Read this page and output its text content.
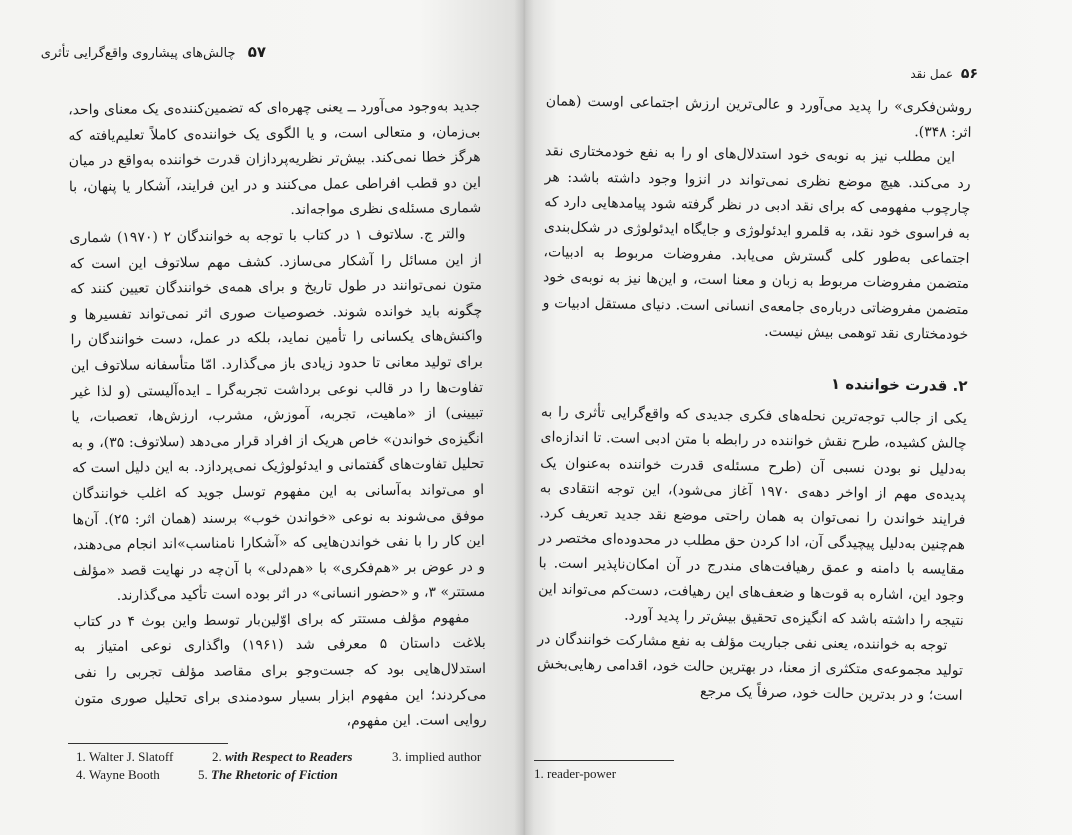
۵۷ چالش‌های پیشاروی واقع‌گرایی تأثری

جدید به‌وجود می‌آورد ــ یعنی چهره‌ای که تضمین‌کننده‌ی یک معنای واحد، بی‌زمان، و متعالی است، و یا الگوی یک خواننده‌ی کاملاً تعلیم‌یافته که هرگز خطا نمی‌کند. بیش‌تر نظریه‌پردازان قدرت خواننده به‌واقع در میان این دو قطب افراطی عمل می‌کنند و در این فرایند، آشکار یا پنهان، با شماری مسئله‌ی نظری مواجه‌اند.

والتر ج. سلاتوف ۱ در کتاب با توجه به خوانندگان ۲ (۱۹۷۰) شماری از این مسائل را آشکار می‌سازد. کشف مهم سلاتوف این است که متون نمی‌توانند در طول تاریخ و برای همه‌ی خوانندگان تعیین کنند که چگونه باید خوانده شوند. خصوصیات صوری اثر نمی‌تواند تفسیرها و واکنش‌های یکسانی را تأمین نماید، بلکه در عمل، دست خوانندگان را برای تولید معانی تا حدود زیادی باز می‌گذارد. امّا متأسفانه سلاتوف این تفاوت‌ها را در قالب نوعی برداشت تجربه‌گرا ـ ایده‌آلیستی (و لذا غیر تبیینی) از «ماهیت، تجربه، آموزش، مشرب، ارزش‌ها، تعصبات، یا انگیزه‌ی خواندن» خاص هریک از افراد قرار می‌دهد (سلاتوف: ۳۵)، و به تحلیل تفاوت‌های گفتمانی و ایدئولوژیک نمی‌پردازد. به این دلیل است که او می‌تواند به‌آسانی به این مفهوم توسل جوید که اغلب خوانندگان موفق می‌شوند به نوعی «خواندن خوب» برسند (همان اثر: ۲۵). آن‌ها این کار را با نفی خواندن‌هایی که «آشکارا نامناسب»اند انجام می‌دهند، و در عوض بر «هم‌فکری» با «هم‌دلی» با آن‌چه در نهایت قصد «مؤلف مستتر» ۳، و «حضور انسانی» در اثر بوده است تأکید می‌گذارند.

مفهوم مؤلف مستتر که برای اوّلین‌بار توسط واین بوث ۴ در کتاب بلاغت داستان ۵ معرفی شد (۱۹۶۱) واگذاری نوعی امتیاز به استدلال‌هایی بود که جست‌وجو برای مقاصد مؤلف تجربی را نفی می‌کردند؛ این مفهوم ابزار بسیار سودمندی برای تحلیل صوری متون روایی است. این مفهوم،

1. Walter J. Slatoff	2. with Respect to Readers	3. implied author
4. Wayne Booth	5. The Rhetoric of Fiction
۵۶ عمل نقد

روشن‌فکری» را پدید می‌آورد و عالی‌ترین ارزش اجتماعی اوست (همان اثر: ۳۴۸).

این مطلب نیز به نوبه‌ی خود استدلال‌های او را به نفع خودمختاری نقد رد می‌کند. هیچ موضع نظری نمی‌تواند در انزوا وجود داشته باشد: هر چارچوب مفهومی که برای نقد ادبی در نظر گرفته شود پیامدهایی دارد که به فراسوی خود نقد، به قلمرو ایدئولوژی و جایگاه ایدئولوژی در شکل‌بندی اجتماعی به‌طور کلی گسترش می‌یابد. مفروضات مربوط به ادبیات، متضمن مفروضات مربوط به زبان و معنا است، و این‌ها نیز به نوبه‌ی خود متضمن مفروضاتی درباره‌ی جامعه‌ی انسانی است. دنیای مستقل ادبیات و خودمختاری نقد توهمی بیش نیست.

۲. قدرت خواننده ۱

یکی از جالب توجه‌ترین نحله‌های فکری جدیدی که واقع‌گرایی تأثری را به چالش کشیده، طرح نقش خواننده در رابطه با متن ادبی است. تا اندازه‌ای به‌دلیل نو بودن نسبی آن (طرح مسئله‌ی قدرت خواننده به‌عنوان یک پدیده‌ی مهم از اواخر دهه‌ی ۱۹۷۰ آغاز می‌شود)، این توجه انتقادی به فرایند خواندن را نمی‌توان به همان راحتی موضع نقد جدید تعریف کرد. هم‌چنین به‌دلیل پیچیدگی آن، ادا کردن حق مطلب در محدوده‌ای مختصر در مقایسه با دامنه و عمق رهیافت‌های مندرج در آن امکان‌ناپذیر است. با وجود این، اشاره به قوت‌ها و ضعف‌های این رهیافت، دست‌کم می‌تواند این نتیجه را داشته باشد که انگیزه‌ی تحقیق بیش‌تر را پدید آورد.

توجه به خواننده، یعنی نفی جباریت مؤلف به نفع مشارکت خوانندگان در تولید مجموعه‌ی متکثری از معنا، در بهترین حالت خود، اقدامی رهایی‌بخش است؛ و در بدترین حالت خود، صرفاً یک مرجع

1. reader-power
